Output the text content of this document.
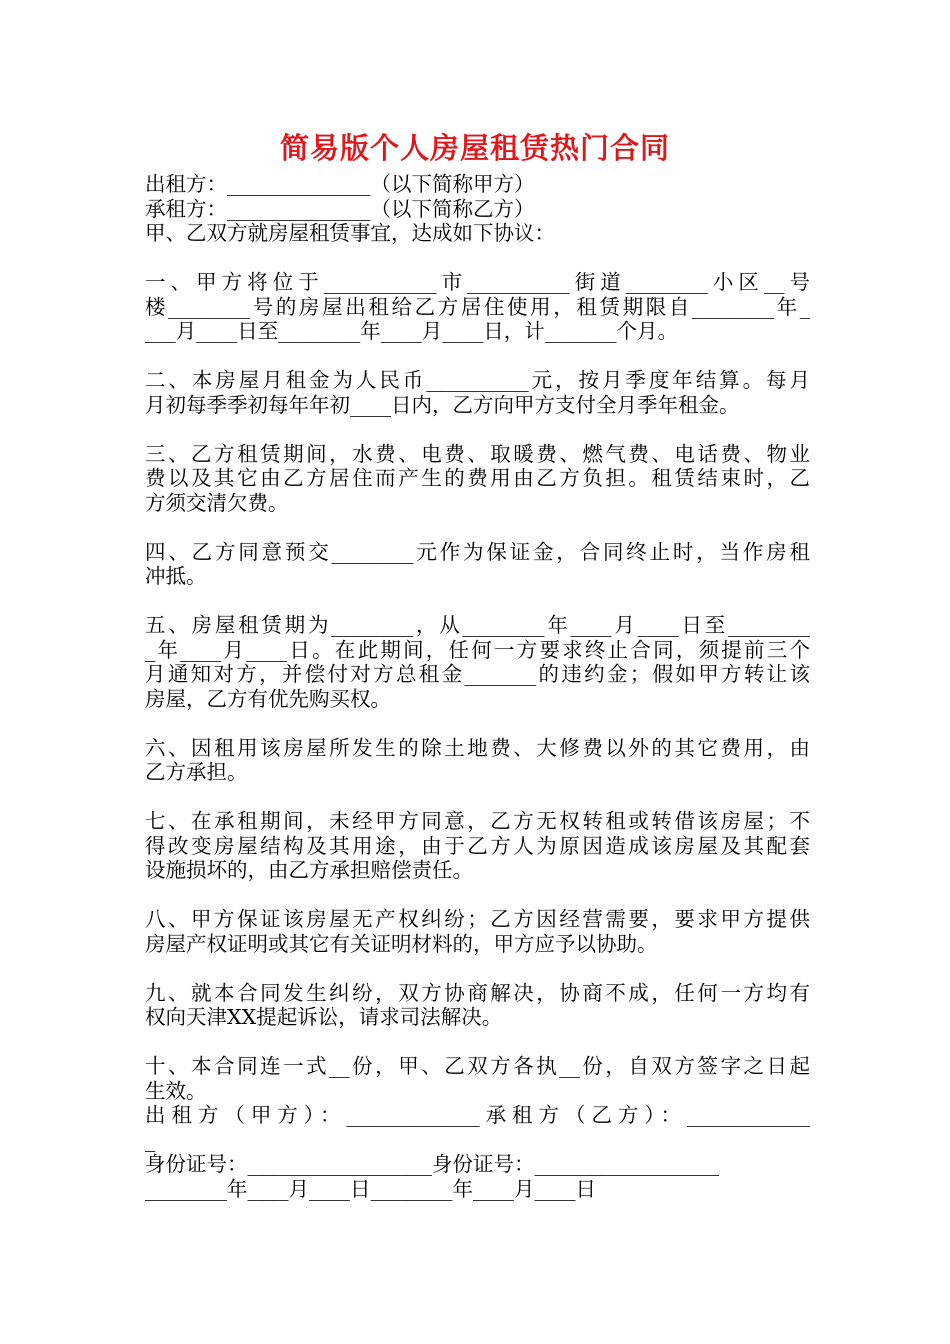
简易版个人房屋租赁热门合同
出租方：______________（以下简称甲方）
承租方：______________（以下简称乙方）
甲、乙双方就房屋租赁事宜，达成如下协议：
一、甲方将位于___________市__________街道________小区__号
楼________号的房屋出租给乙方居住使用，租赁期限自________年_
___月____日至________年____月____日，计_______个月。
二、本房屋月租金为人民币__________元，按月季度年结算。每月
月初每季季初每年年初____日内，乙方向甲方支付全月季年租金。
三、乙方租赁期间，水费、电费、取暖费、燃气费、电话费、物业
费以及其它由乙方居住而产生的费用由乙方负担。租赁结束时，乙
方须交清欠费。
四、乙方同意预交________元作为保证金，合同终止时，当作房租
冲抵。
五、房屋租赁期为________，从________年____月____日至________
_年____月____日。在此期间，任何一方要求终止合同，须提前三个
月通知对方，并偿付对方总租金_______的违约金；假如甲方转让该
房屋，乙方有优先购买权。
六、因租用该房屋所发生的除土地费、大修费以外的其它费用，由
乙方承担。
七、在承租期间，未经甲方同意，乙方无权转租或转借该房屋；不
得改变房屋结构及其用途，由于乙方人为原因造成该房屋及其配套
设施损坏的，由乙方承担赔偿责任。
八、甲方保证该房屋无产权纠纷；乙方因经营需要，要求甲方提供
房屋产权证明或其它有关证明材料的，甲方应予以协助。
九、就本合同发生纠纷，双方协商解决，协商不成，任何一方均有
权向天津XX提起诉讼，请求司法解决。
十、本合同连一式__份，甲、乙双方各执__份，自双方签字之日起
生效。
出租方（甲方）：_____________承租方（乙方）：____________
_
身份证号：__________________身份证号：__________________
________年____月____日________年____月____日
